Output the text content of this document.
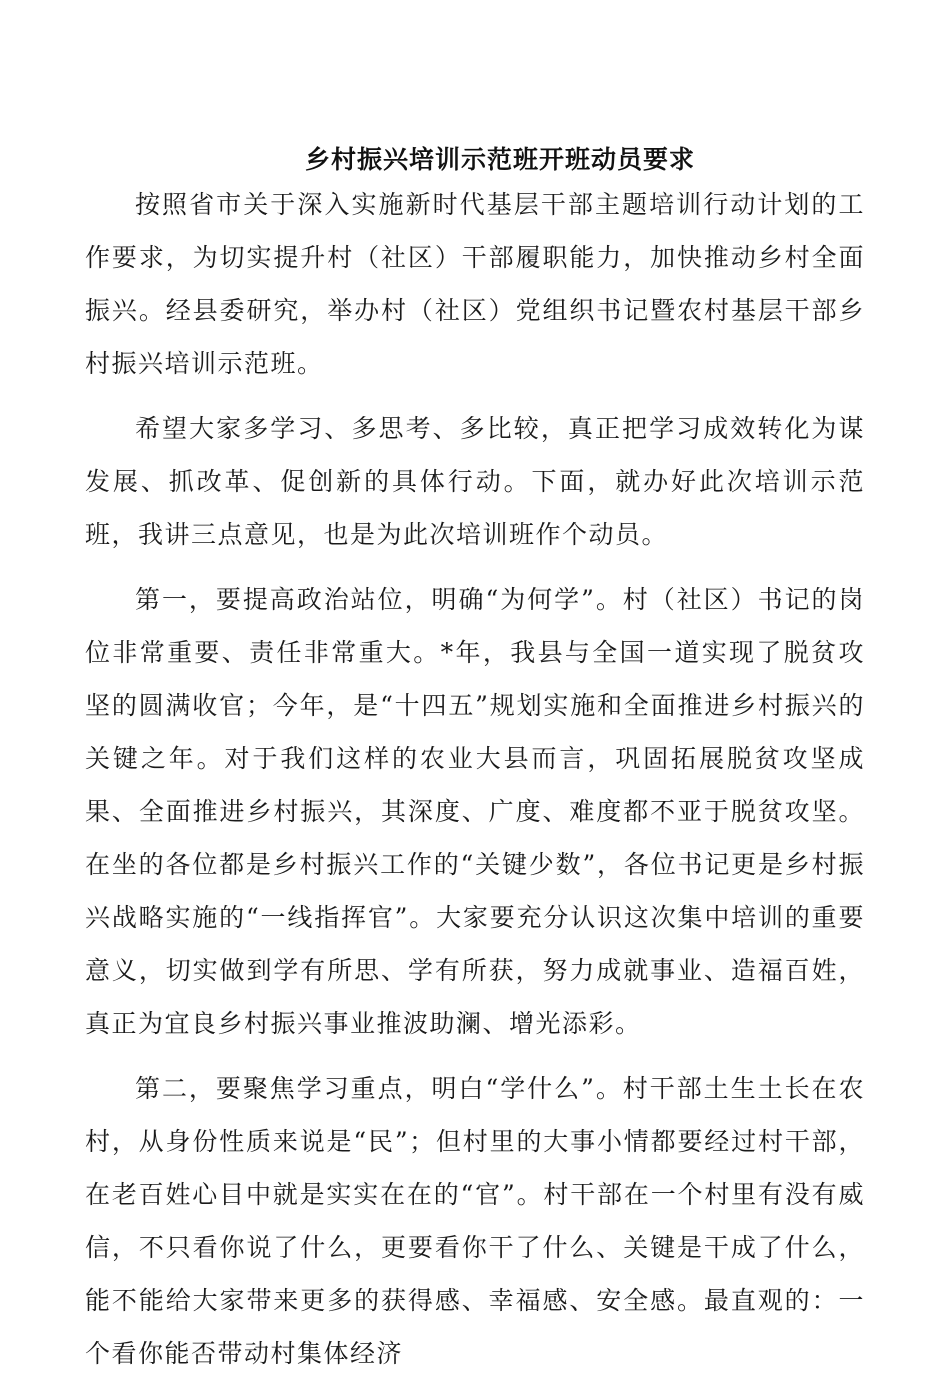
乡村振兴培训示范班开班动员要求

按照省市关于深入实施新时代基层干部主题培训行动计划的工作要求，为切实提升村（社区）干部履职能力，加快推动乡村全面振兴。经县委研究，举办村（社区）党组织书记暨农村基层干部乡村振兴培训示范班。

希望大家多学习、多思考、多比较，真正把学习成效转化为谋发展、抓改革、促创新的具体行动。下面，就办好此次培训示范班，我讲三点意见，也是为此次培训班作个动员。

第一，要提高政治站位，明确“为何学”。村（社区）书记的岗位非常重要、责任非常重大。*年，我县与全国一道实现了脱贫攻坚的圆满收官；今年，是“十四五”规划实施和全面推进乡村振兴的关键之年。对于我们这样的农业大县而言，巩固拓展脱贫攻坚成果、全面推进乡村振兴，其深度、广度、难度都不亚于脱贫攻坚。在坐的各位都是乡村振兴工作的“关键少数”，各位书记更是乡村振兴战略实施的“一线指挥官”。大家要充分认识这次集中培训的重要意义，切实做到学有所思、学有所获，努力成就事业、造福百姓，真正为宜良乡村振兴事业推波助澜、增光添彩。

第二，要聚焦学习重点，明白“学什么”。村干部土生土长在农村，从身份性质来说是“民”；但村里的大事小情都要经过村干部，在老百姓心目中就是实实在在的“官”。村干部在一个村里有没有威信，不只看你说了什么，更要看你干了什么、关键是干成了什么，能不能给大家带来更多的获得感、幸福感、安全感。最直观的：一个看你能否带动村集体经济
